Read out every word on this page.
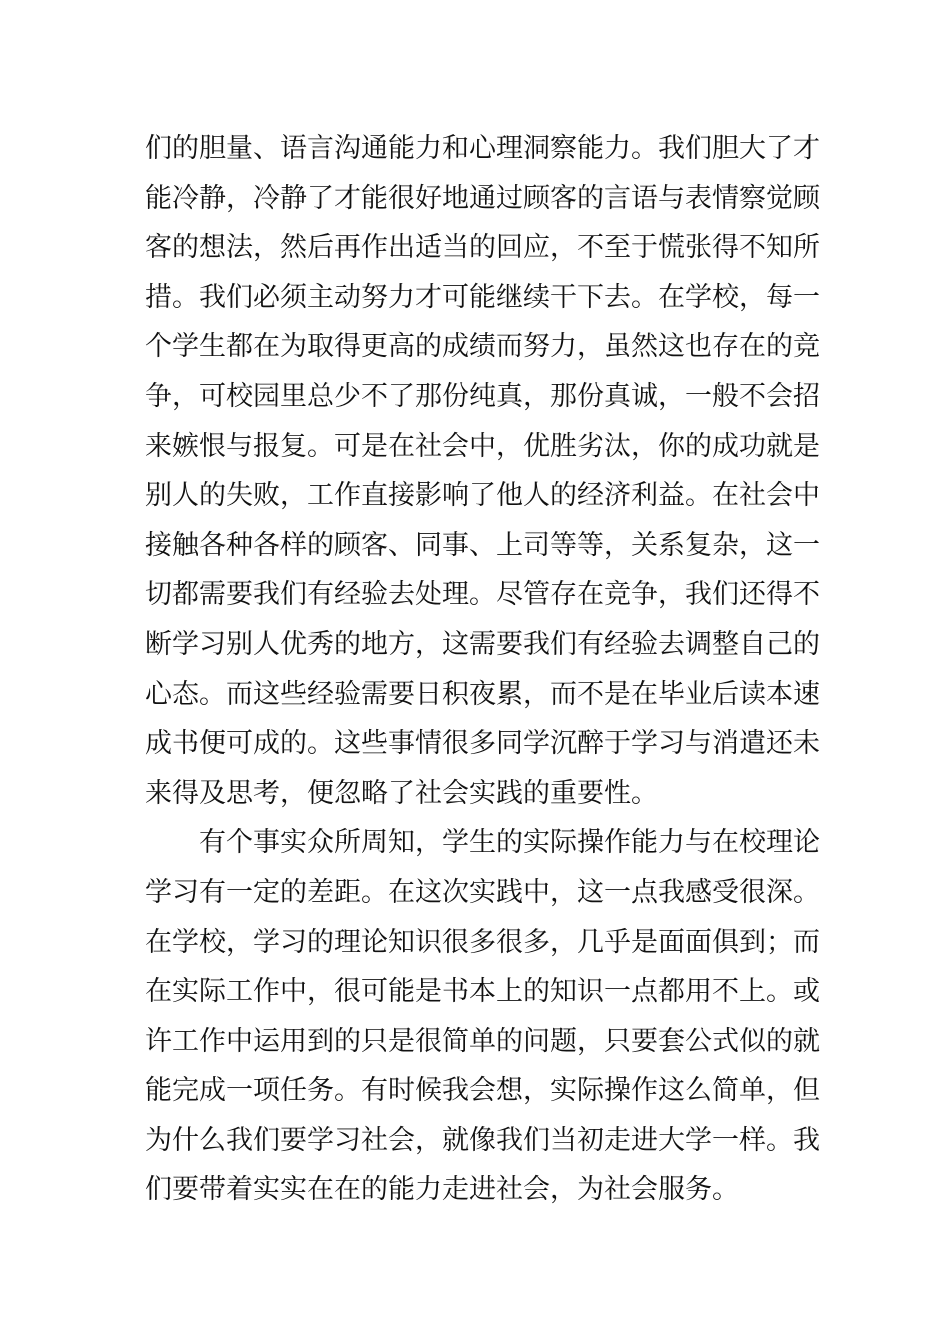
们的胆量、语言沟通能力和心理洞察能力。我们胆大了才
能冷静，冷静了才能很好地通过顾客的言语与表情察觉顾
客的想法，然后再作出适当的回应，不至于慌张得不知所
措。我们必须主动努力才可能继续干下去。在学校，每一
个学生都在为取得更高的成绩而努力，虽然这也存在的竞
争，可校园里总少不了那份纯真，那份真诚，一般不会招
来嫉恨与报复。可是在社会中，优胜劣汰，你的成功就是
别人的失败，工作直接影响了他人的经济利益。在社会中
接触各种各样的顾客、同事、上司等等，关系复杂，这一
切都需要我们有经验去处理。尽管存在竞争，我们还得不
断学习别人优秀的地方，这需要我们有经验去调整自己的
心态。而这些经验需要日积夜累，而不是在毕业后读本速
成书便可成的。这些事情很多同学沉醉于学习与消遣还未
来得及思考，便忽略了社会实践的重要性。
有个事实众所周知，学生的实际操作能力与在校理论
学习有一定的差距。在这次实践中，这一点我感受很深。
在学校，学习的理论知识很多很多，几乎是面面俱到；而
在实际工作中，很可能是书本上的知识一点都用不上。或
许工作中运用到的只是很简单的问题，只要套公式似的就
能完成一项任务。有时候我会想，实际操作这么简单，但
为什么我们要学习社会，就像我们当初走进大学一样。我
们要带着实实在在的能力走进社会，为社会服务。
